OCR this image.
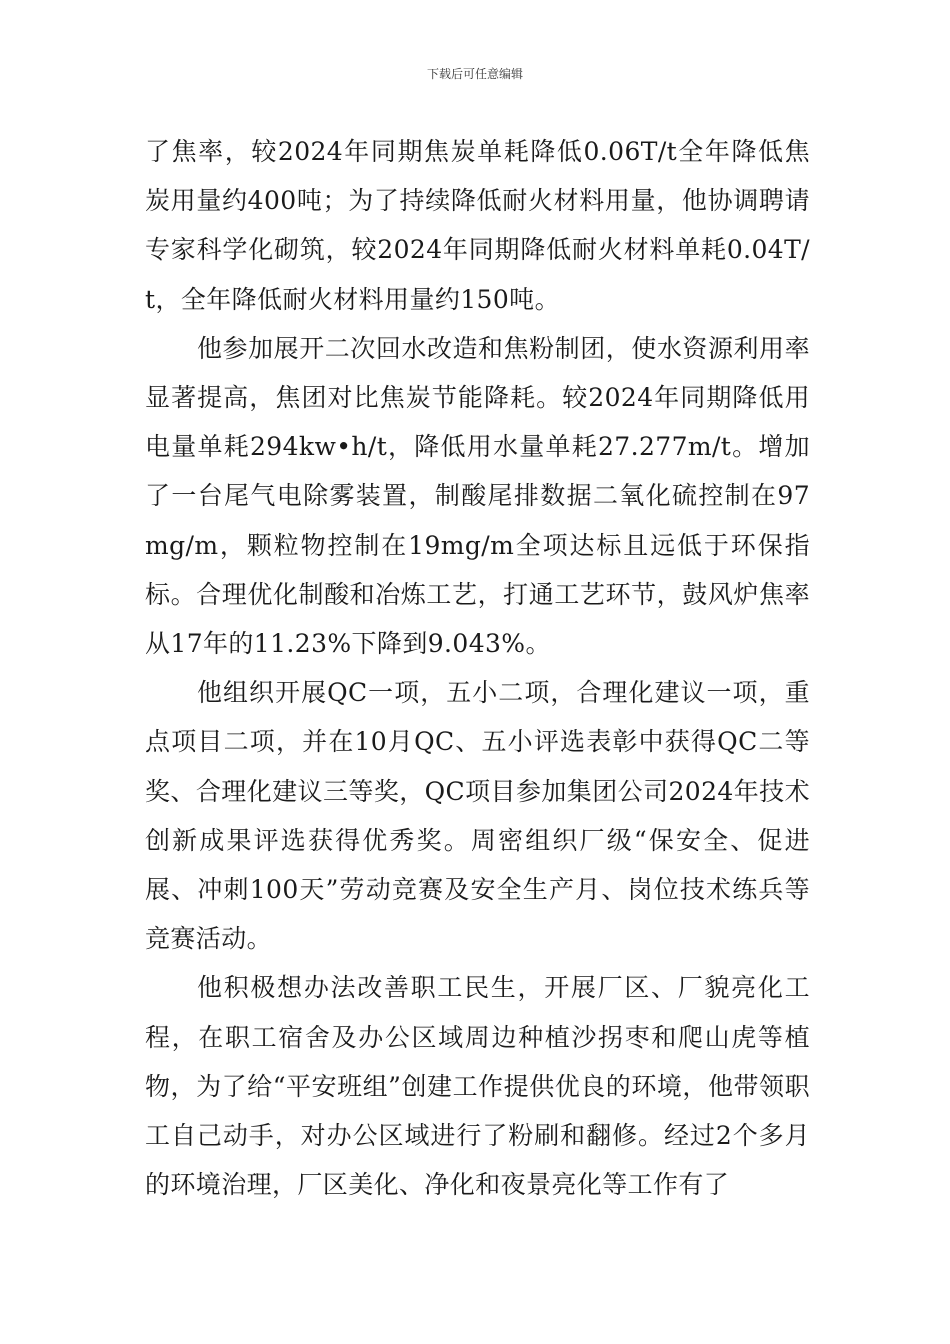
下载后可任意编辑

了焦率，较2024年同期焦炭单耗降低0.06T/t全年降低焦炭用量约400吨；为了持续降低耐火材料用量，他协调聘请专家科学化砌筑，较2024年同期降低耐火材料单耗0.04T/t，全年降低耐火材料用量约150吨。

他参加展开二次回水改造和焦粉制团，使水资源利用率显著提高，焦团对比焦炭节能降耗。较2024年同期降低用电量单耗294kw•h/t，降低用水量单耗27.277m/t。增加了一台尾气电除雾装置，制酸尾排数据二氧化硫控制在97mg/m，颗粒物控制在19mg/m全项达标且远低于环保指标。合理优化制酸和冶炼工艺，打通工艺环节，鼓风炉焦率从17年的11.23%下降到9.043%。

他组织开展QC一项，五小二项，合理化建议一项，重点项目二项，并在10月QC、五小评选表彰中获得QC二等奖、合理化建议三等奖，QC项目参加集团公司2024年技术创新成果评选获得优秀奖。周密组织厂级“保安全、促进展、冲刺100天”劳动竞赛及安全生产月、岗位技术练兵等竞赛活动。

他积极想办法改善职工民生，开展厂区、厂貌亮化工程，在职工宿舍及办公区域周边种植沙拐枣和爬山虎等植物，为了给“平安班组”创建工作提供优良的环境，他带领职工自己动手，对办公区域进行了粉刷和翻修。经过2个多月的环境治理，厂区美化、净化和夜景亮化等工作有了
